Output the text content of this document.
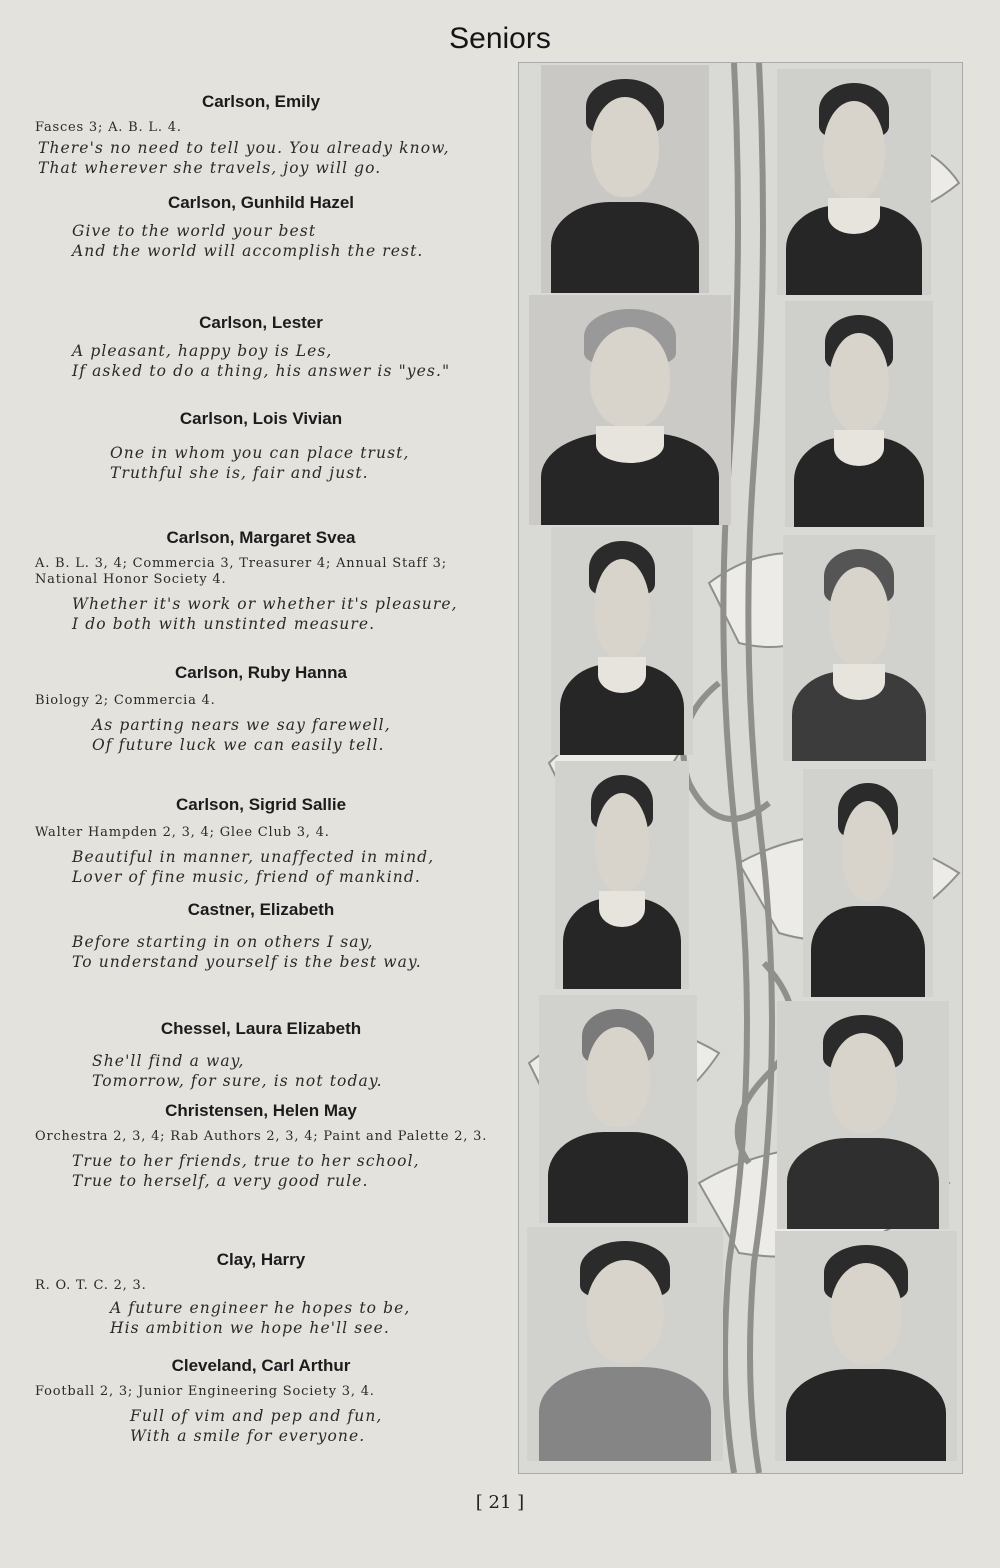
Seniors
Carlson, Emily
Fasces 3; A. B. L. 4.
There's no need to tell you. You already know,
That wherever she travels, joy will go.
Carlson, Gunhild Hazel
Give to the world your best
And the world will accomplish the rest.
Carlson, Lester
A pleasant, happy boy is Les,
If asked to do a thing, his answer is "yes."
Carlson, Lois Vivian
One in whom you can place trust,
Truthful she is, fair and just.
Carlson, Margaret Svea
A. B. L. 3, 4; Commercia 3, Treasurer 4; Annual Staff 3; National Honor Society 4.
Whether it's work or whether it's pleasure,
I do both with unstinted measure.
Carlson, Ruby Hanna
Biology 2; Commercia 4.
As parting nears we say farewell,
Of future luck we can easily tell.
Carlson, Sigrid Sallie
Walter Hampden 2, 3, 4; Glee Club 3, 4.
Beautiful in manner, unaffected in mind,
Lover of fine music, friend of mankind.
Castner, Elizabeth
Before starting in on others I say,
To understand yourself is the best way.
Chessel, Laura Elizabeth
She'll find a way,
Tomorrow, for sure, is not today.
Christensen, Helen May
Orchestra 2, 3, 4; Rab Authors 2, 3, 4; Paint and Palette 2, 3.
True to her friends, true to her school,
True to herself, a very good rule.
Clay, Harry
R. O. T. C. 2, 3.
A future engineer he hopes to be,
His ambition we hope he'll see.
Cleveland, Carl Arthur
Football 2, 3; Junior Engineering Society 3, 4.
Full of vim and pep and fun,
With a smile for everyone.
[ 21 ]
